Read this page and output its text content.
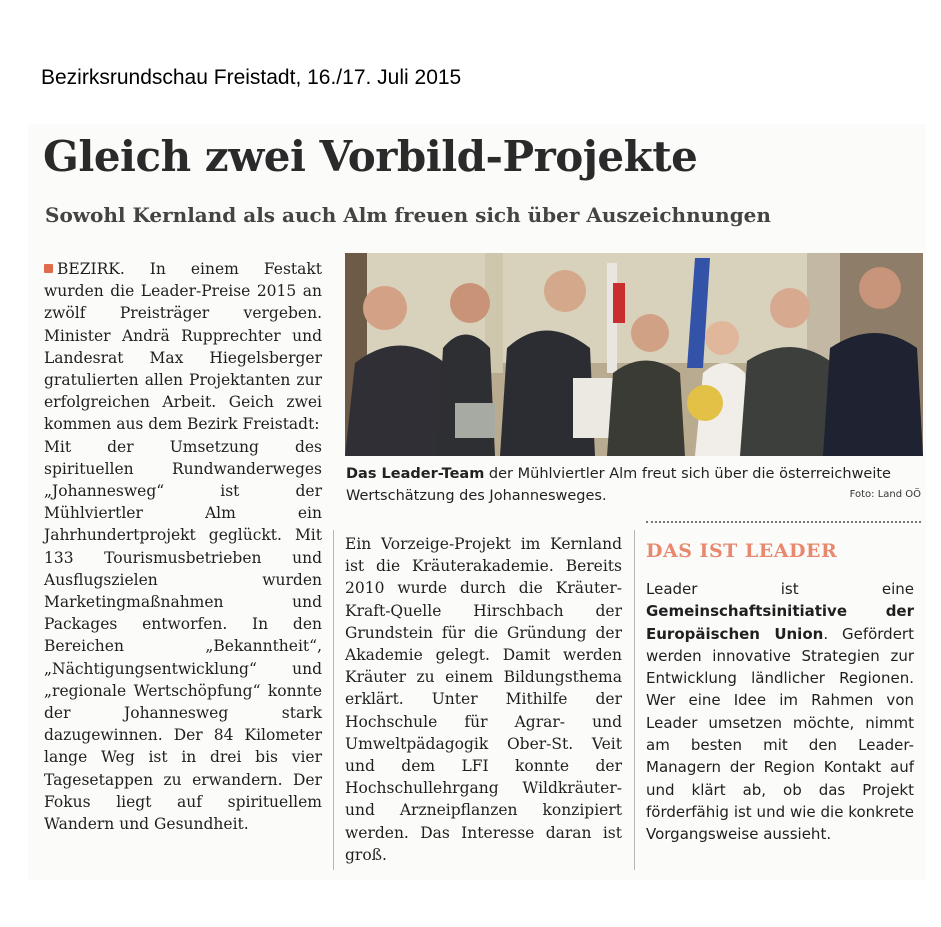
Bezirksrundschau Freistadt, 16./17. Juli 2015
Gleich zwei Vorbild-Projekte
Sowohl Kernland als auch Alm freuen sich über Auszeichnungen

BEZIRK. In einem Festakt wurden die Leader-Preise 2015 an zwölf Preisträger vergeben. Minister Andrä Rupprechter und Landesrat Max Hiegelsberger gratulierten allen Projektanten zur erfolgreichen Arbeit. Geich zwei kommen aus dem Bezirk Freistadt:

Mit der Umsetzung des spirituellen Rundwanderweges „Johannesweg“ ist der Mühlviertler Alm ein Jahrhundertprojekt geglückt. Mit 133 Tourismusbetrieben und Ausflugszielen wurden Marketingmaßnahmen und Packages entworfen. In den Bereichen „Bekanntheit“, „Nächtigungsentwicklung“ und „regionale Wertschöpfung“ konnte der Johannesweg stark dazugewinnen. Der 84 Kilometer lange Weg ist in drei bis vier Tagesetappen zu erwandern. Der Fokus liegt auf spirituellem Wandern und Gesundheit.

Das Leader-Team der Mühlviertler Alm freut sich über die österreichweite Wertschätzung des Johannesweges.	Foto: Land OÖ

Ein Vorzeige-Projekt im Kernland ist die Kräuterakademie. Bereits 2010 wurde durch die Kräuter-Kraft-Quelle Hirschbach der Grundstein für die Gründung der Akademie gelegt. Damit werden Kräuter zu einem Bildungsthema erklärt. Unter Mithilfe der Hochschule für Agrar- und Umweltpädagogik Ober-St. Veit und dem LFI konnte der Hochschullehrgang Wildkräuter- und Arzneipflanzen konzipiert werden. Das Interesse daran ist groß.

DAS IST LEADER

Leader ist eine Gemeinschaftsinitiative der Europäischen Union. Gefördert werden innovative Strategien zur Entwicklung ländlicher Regionen. Wer eine Idee im Rahmen von Leader umsetzen möchte, nimmt am besten mit den Leader-Managern der Region Kontakt auf und klärt ab, ob das Projekt förderfähig ist und wie die konkrete Vorgangsweise aussieht.
